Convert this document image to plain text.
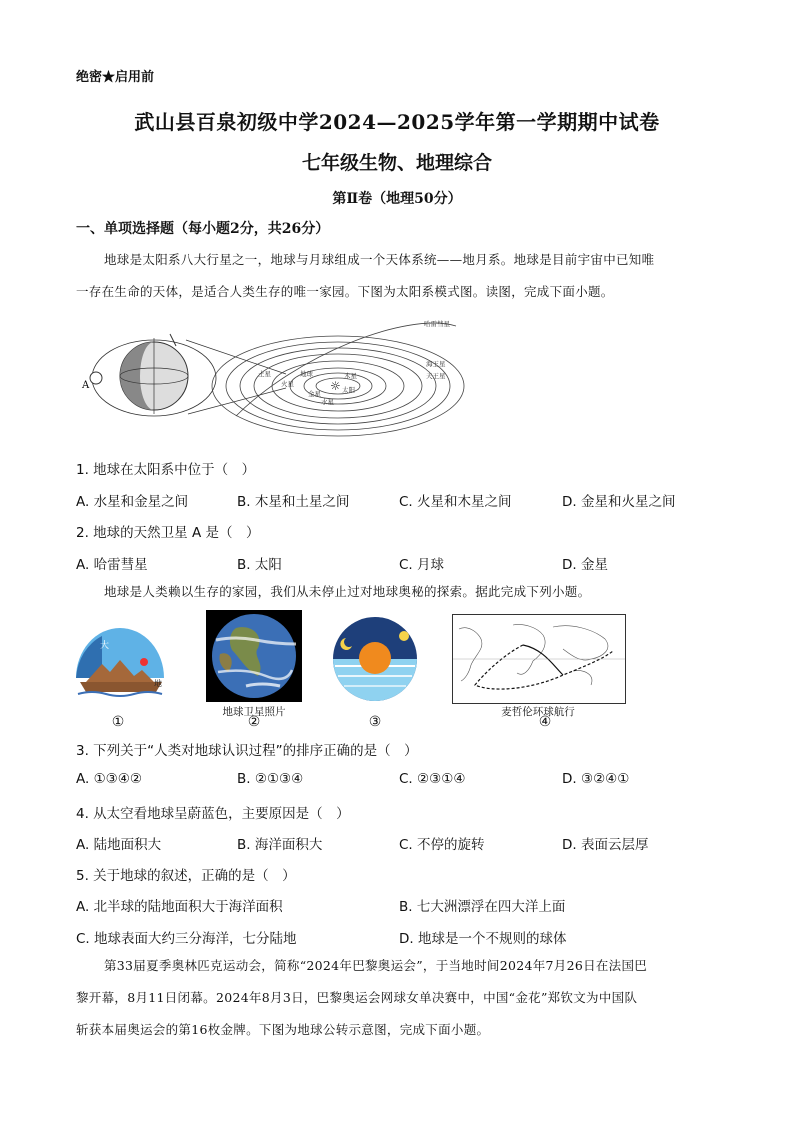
绝密★启用前
武山县百泉初级中学2024—2025学年第一学期期中试卷
七年级生物、地理综合
第Ⅱ卷（地理50分）
一、单项选择题（每小题2分，共26分）
地球是太阳系八大行星之一，地球与月球组成一个天体系统——地月系。地球是目前宇宙中已知唯
一存在生命的天体，是适合人类生存的唯一家园。下图为太阳系模式图。读图，完成下面小题。
A	☼
哈雷彗星
海王星
天王星
土星	木星
火星
地球
金星
水星
太阳
1. 地球在太阳系中位于（　）
A. 水星和金星之间	B. 木星和土星之间	C. 火星和木星之间	D. 金星和火星之间
2. 地球的天然卫星 A 是（　）
A. 哈雷彗星	B. 太阳	C. 月球	D. 金星
地球是人类赖以生存的家园，我们从未停止过对地球奥秘的探索。据此完成下列小题。
大
地
①
地球卫星照片
②	③
麦哲伦环球航行
④
3. 下列关于“人类对地球认识过程”的排序正确的是（　）
A. ①③④②	B. ②①③④	C. ②③①④	D. ③②④①
4. 从太空看地球呈蔚蓝色，主要原因是（　）
A. 陆地面积大	B. 海洋面积大	C. 不停的旋转	D. 表面云层厚
5. 关于地球的叙述，正确的是（　）
A. 北半球的陆地面积大于海洋面积	B. 七大洲漂浮在四大洋上面
C. 地球表面大约三分海洋，七分陆地	D. 地球是一个不规则的球体
第33届夏季奥林匹克运动会，简称“2024年巴黎奥运会”，于当地时间2024年7月26日在法国巴
黎开幕，8月11日闭幕。2024年8月3日，巴黎奥运会网球女单决赛中，中国“金花”郑钦文为中国队
斩获本届奥运会的第16枚金牌。下图为地球公转示意图，完成下面小题。
